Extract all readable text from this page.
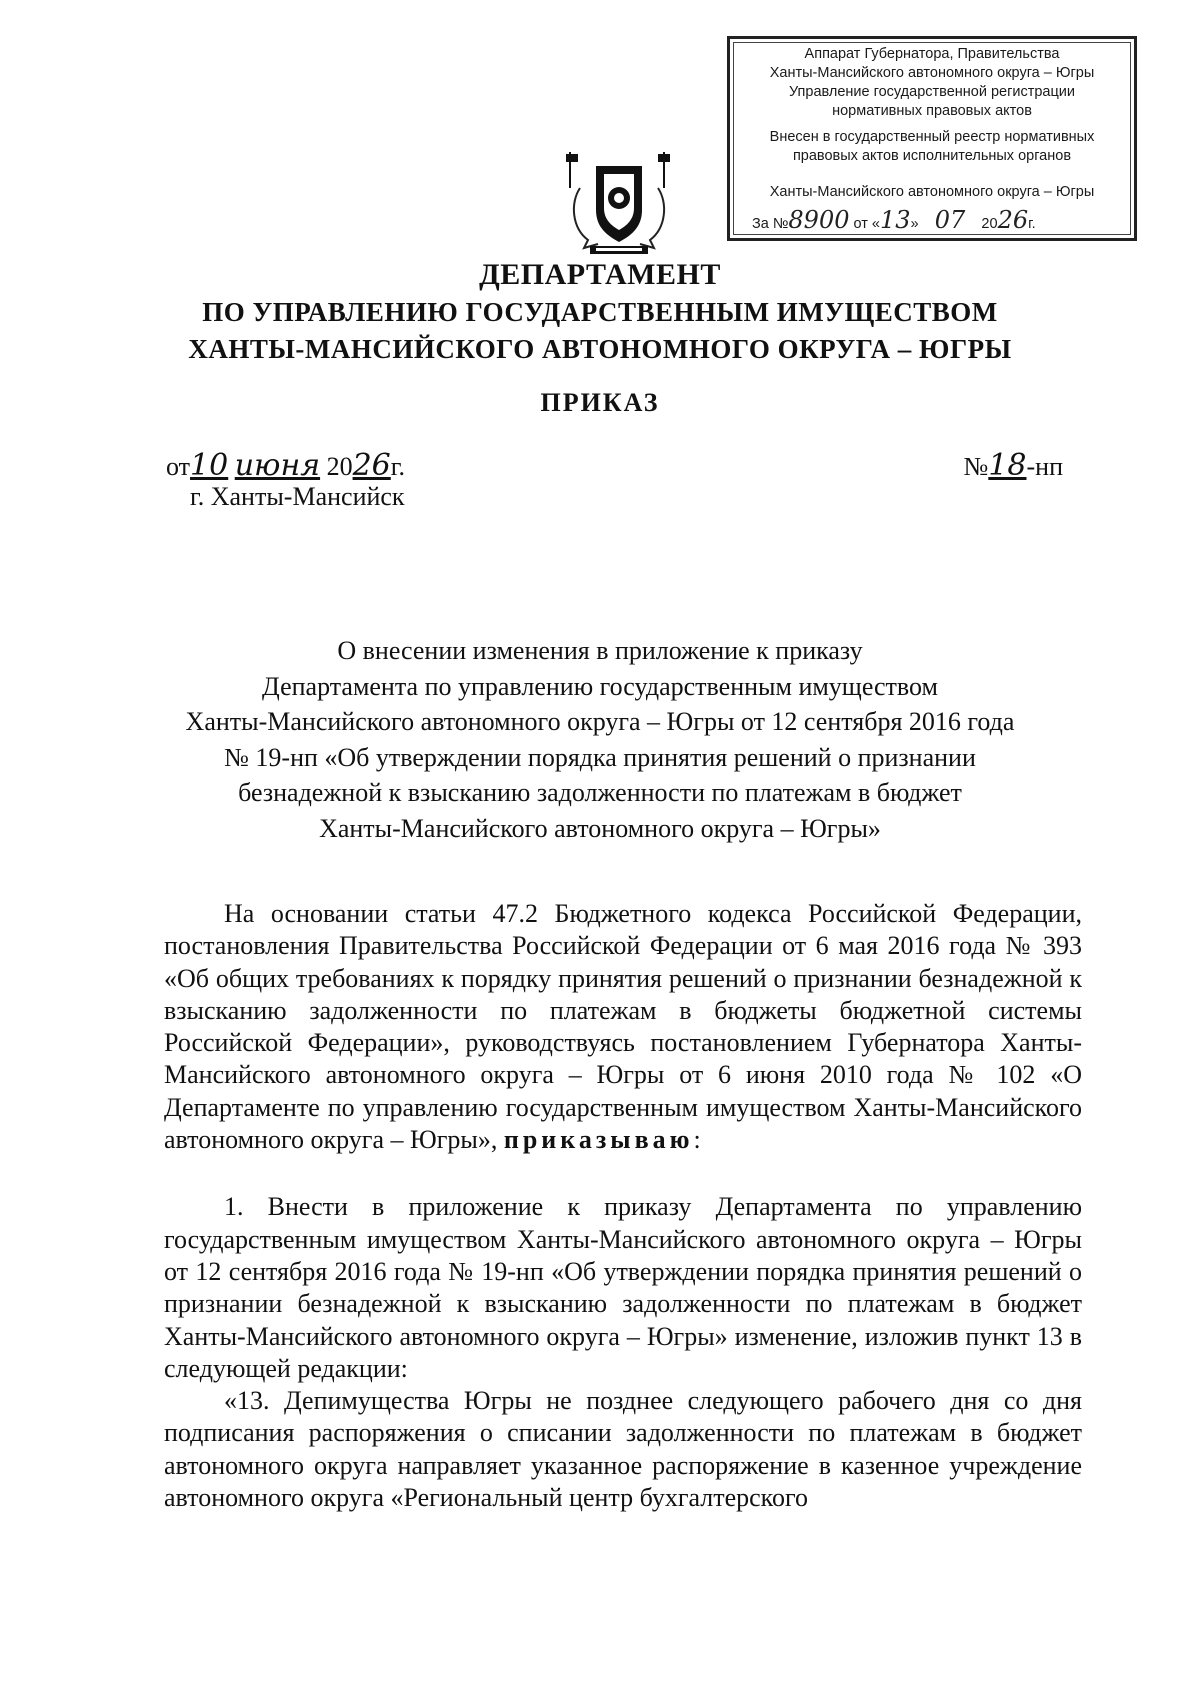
Аппарат Губернатора, Правительства
Ханты-Мансийского автономного округа – Югры
Управление государственной регистрации
нормативных правовых актов
Внесен в государственный реестр нормативных
правовых актов исполнительных органов
Ханты-Мансийского автономного округа – Югры
За №8900 от «13» 07 2026г.
ДЕПАРТАМЕНТ
ПО УПРАВЛЕНИЮ ГОСУДАРСТВЕННЫМ ИМУЩЕСТВОМ
ХАНТЫ-МАНСИЙСКОГО АВТОНОМНОГО ОКРУГА – ЮГРЫ
ПРИКАЗ
от10 июня 2026г.	№18-нп
г. Ханты-Мансийск
О внесении изменения в приложение к приказу
Департамента по управлению государственным имуществом
Ханты-Мансийского автономного округа – Югры от 12 сентября 2016 года
№ 19-нп «Об утверждении порядка принятия решений о признании
безнадежной к взысканию задолженности по платежам в бюджет
Ханты-Мансийского автономного округа – Югры»

На основании статьи 47.2 Бюджетного кодекса Российской Федерации, постановления Правительства Российской Федерации от 6 мая 2016 года № 393 «Об общих требованиях к порядку принятия решений о признании безнадежной к взысканию задолженности по платежам в бюджеты бюджетной системы Российской Федерации», руководствуясь постановлением Губернатора Ханты-Мансийского автономного округа – Югры от 6 июня 2010 года № 102 «О Департаменте по управлению государственным имуществом Ханты-Мансийского автономного округа – Югры», приказываю:

1. Внести в приложение к приказу Департамента по управлению государственным имуществом Ханты-Мансийского автономного округа – Югры от 12 сентября 2016 года № 19-нп «Об утверждении порядка принятия решений о признании безнадежной к взысканию задолженности по платежам в бюджет Ханты-Мансийского автономного округа – Югры» изменение, изложив пункт 13 в следующей редакции:

«13. Депимущества Югры не позднее следующего рабочего дня со дня подписания распоряжения о списании задолженности по платежам в бюджет автономного округа направляет указанное распоряжение в казенное учреждение автономного округа «Региональный центр бухгалтерского
